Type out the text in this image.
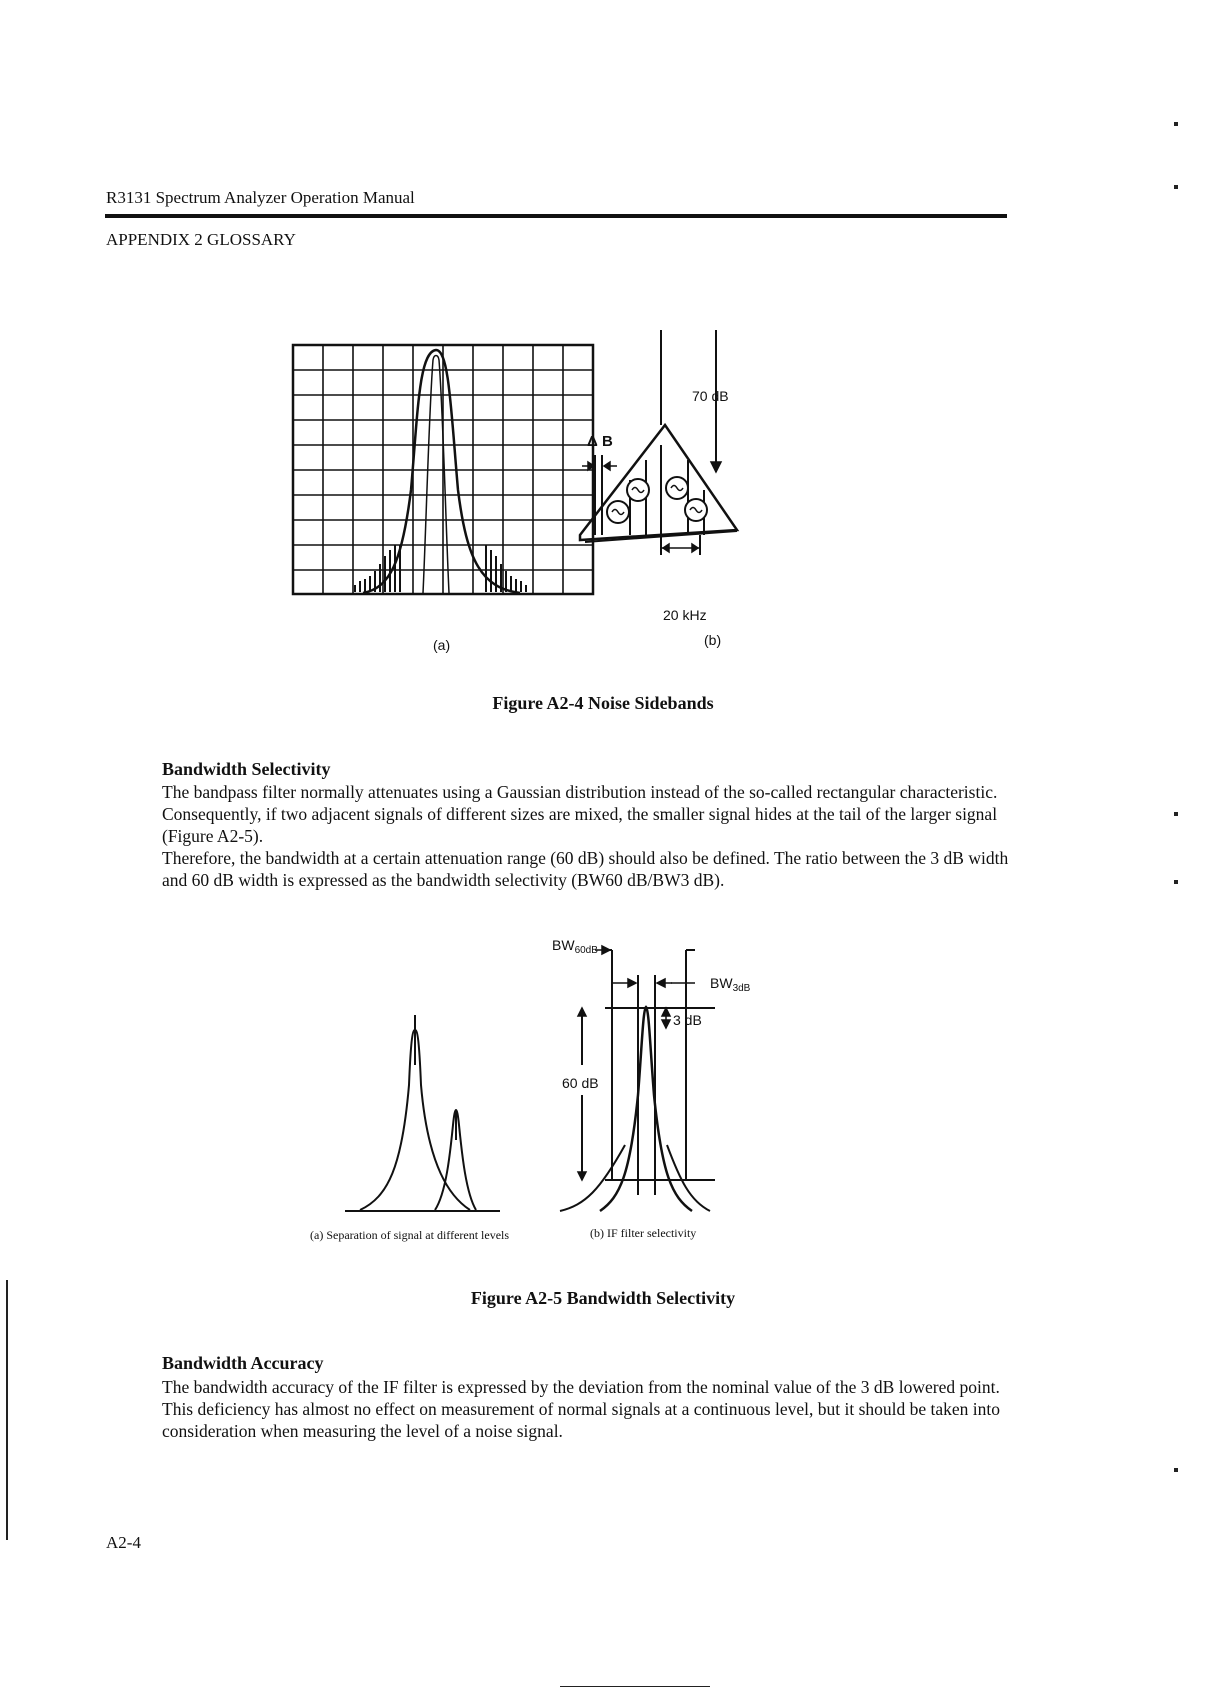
R3131 Spectrum Analyzer Operation Manual
APPENDIX 2 GLOSSARY
70 dB
Δ B
20 kHz
(a)	(b)
Figure A2-4 Noise Sidebands
Bandwidth Selectivity

The bandpass filter normally attenuates using a Gaussian distribution instead of the so-called rectangular characteristic. Consequently, if two adjacent signals of different sizes are mixed, the smaller signal hides at the tail of the larger signal (Figure A2-5).

Therefore, the bandwidth at a certain attenuation range (60 dB) should also be defined. The ratio between the 3 dB width and 60 dB width is expressed as the bandwidth selectivity (BW60 dB/BW3 dB).

$BW_{60dB}$
$BW_{3dB}$
3 dB
60 dB
(a) Separation of signal at different levels	(b) IF filter selectivity
Figure A2-5 Bandwidth Selectivity
Bandwidth Accuracy

The bandwidth accuracy of the IF filter is expressed by the deviation from the nominal value of the 3 dB lowered point. This deficiency has almost no effect on measurement of normal signals at a continuous level, but it should be taken into consideration when measuring the level of a noise signal.

A2-4
